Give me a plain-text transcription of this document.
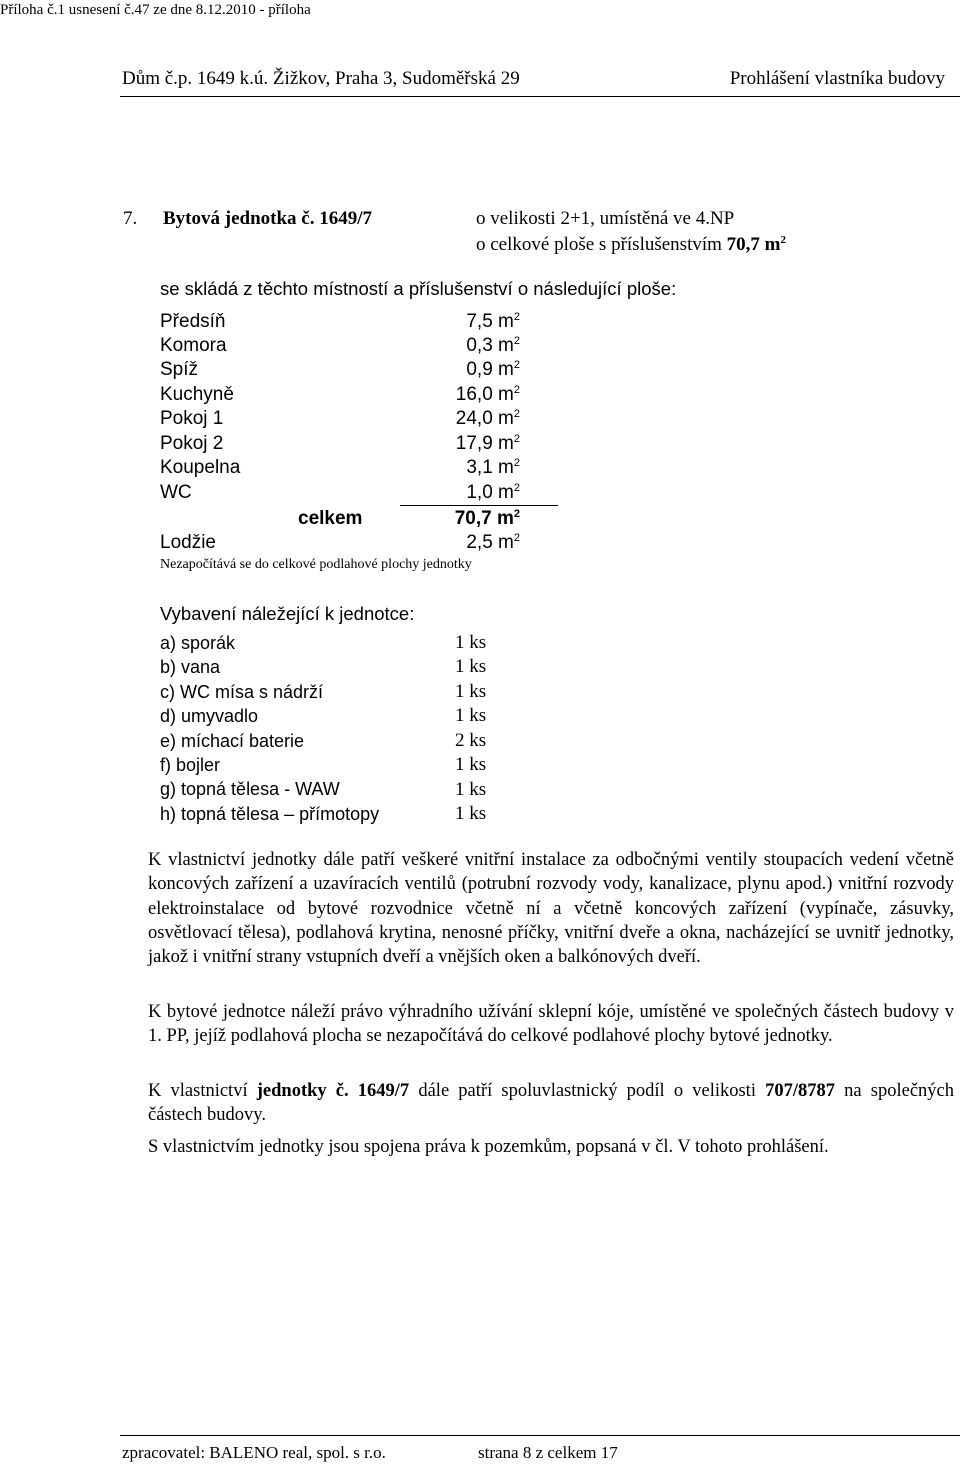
Příloha č.1 usnesení č.47 ze dne 8.12.2010 - příloha
Dům č.p. 1649 k.ú. Žižkov, Praha 3, Sudoměřská 29	Prohlášení vlastníka budovy
7. Bytová jednotka č. 1649/7	o velikosti 2+1, umístěná ve 4.NP
o celkové ploše s příslušenstvím 70,7 $m^2$
se skládá z těchto místností a příslušenství o následující ploše:
Předsíň	7,5 $m^2$
Komora	0,3 $m^2$
Spíž	0,9 $m^2$
Kuchyně	16,0 $m^2$
Pokoj 1	24,0 $m^2$
Pokoj 2	17,9 $m^2$
Koupelna	3,1 $m^2$
WC	1,0 $m^2$
celkem	70,7 $m^2$
Lodžie	2,5 $m^2$
Nezapočítává se do celkové podlahové plochy jednotky
Vybavení náležející k jednotce:
a) sporák	1 ks
b) vana	1 ks
c) WC mísa s nádrží	1 ks
d) umyvadlo	1 ks
e) míchací baterie	2 ks
f) bojler	1 ks
g) topná tělesa - WAW	1 ks
h) topná tělesa – přímotopy	1 ks

K vlastnictví jednotky dále patří veškeré vnitřní instalace za odbočnými ventily stoupacích vedení včetně koncových zařízení a uzavíracích ventilů (potrubní rozvody vody, kanalizace, plynu apod.) vnitřní rozvody elektroinstalace od bytové rozvodnice včetně ní a včetně koncových zařízení (vypínače, zásuvky, osvětlovací tělesa), podlahová krytina, nenosné příčky, vnitřní dveře a okna, nacházející se uvnitř jednotky, jakož i vnitřní strany vstupních dveří a vnějších oken a balkónových dveří.

K bytové jednotce náleží právo výhradního užívání sklepní kóje, umístěné ve společných částech budovy v 1. PP, jejíž podlahová plocha se nezapočítává do celkové podlahové plochy bytové jednotky.

K vlastnictví jednotky č. 1649/7 dále patří spoluvlastnický podíl o velikosti 707/8787 na společných částech budovy.

S vlastnictvím jednotky jsou spojena práva k pozemkům, popsaná v čl. V tohoto prohlášení.

zpracovatel: BALENO real, spol. s r.o.	strana 8 z celkem 17
